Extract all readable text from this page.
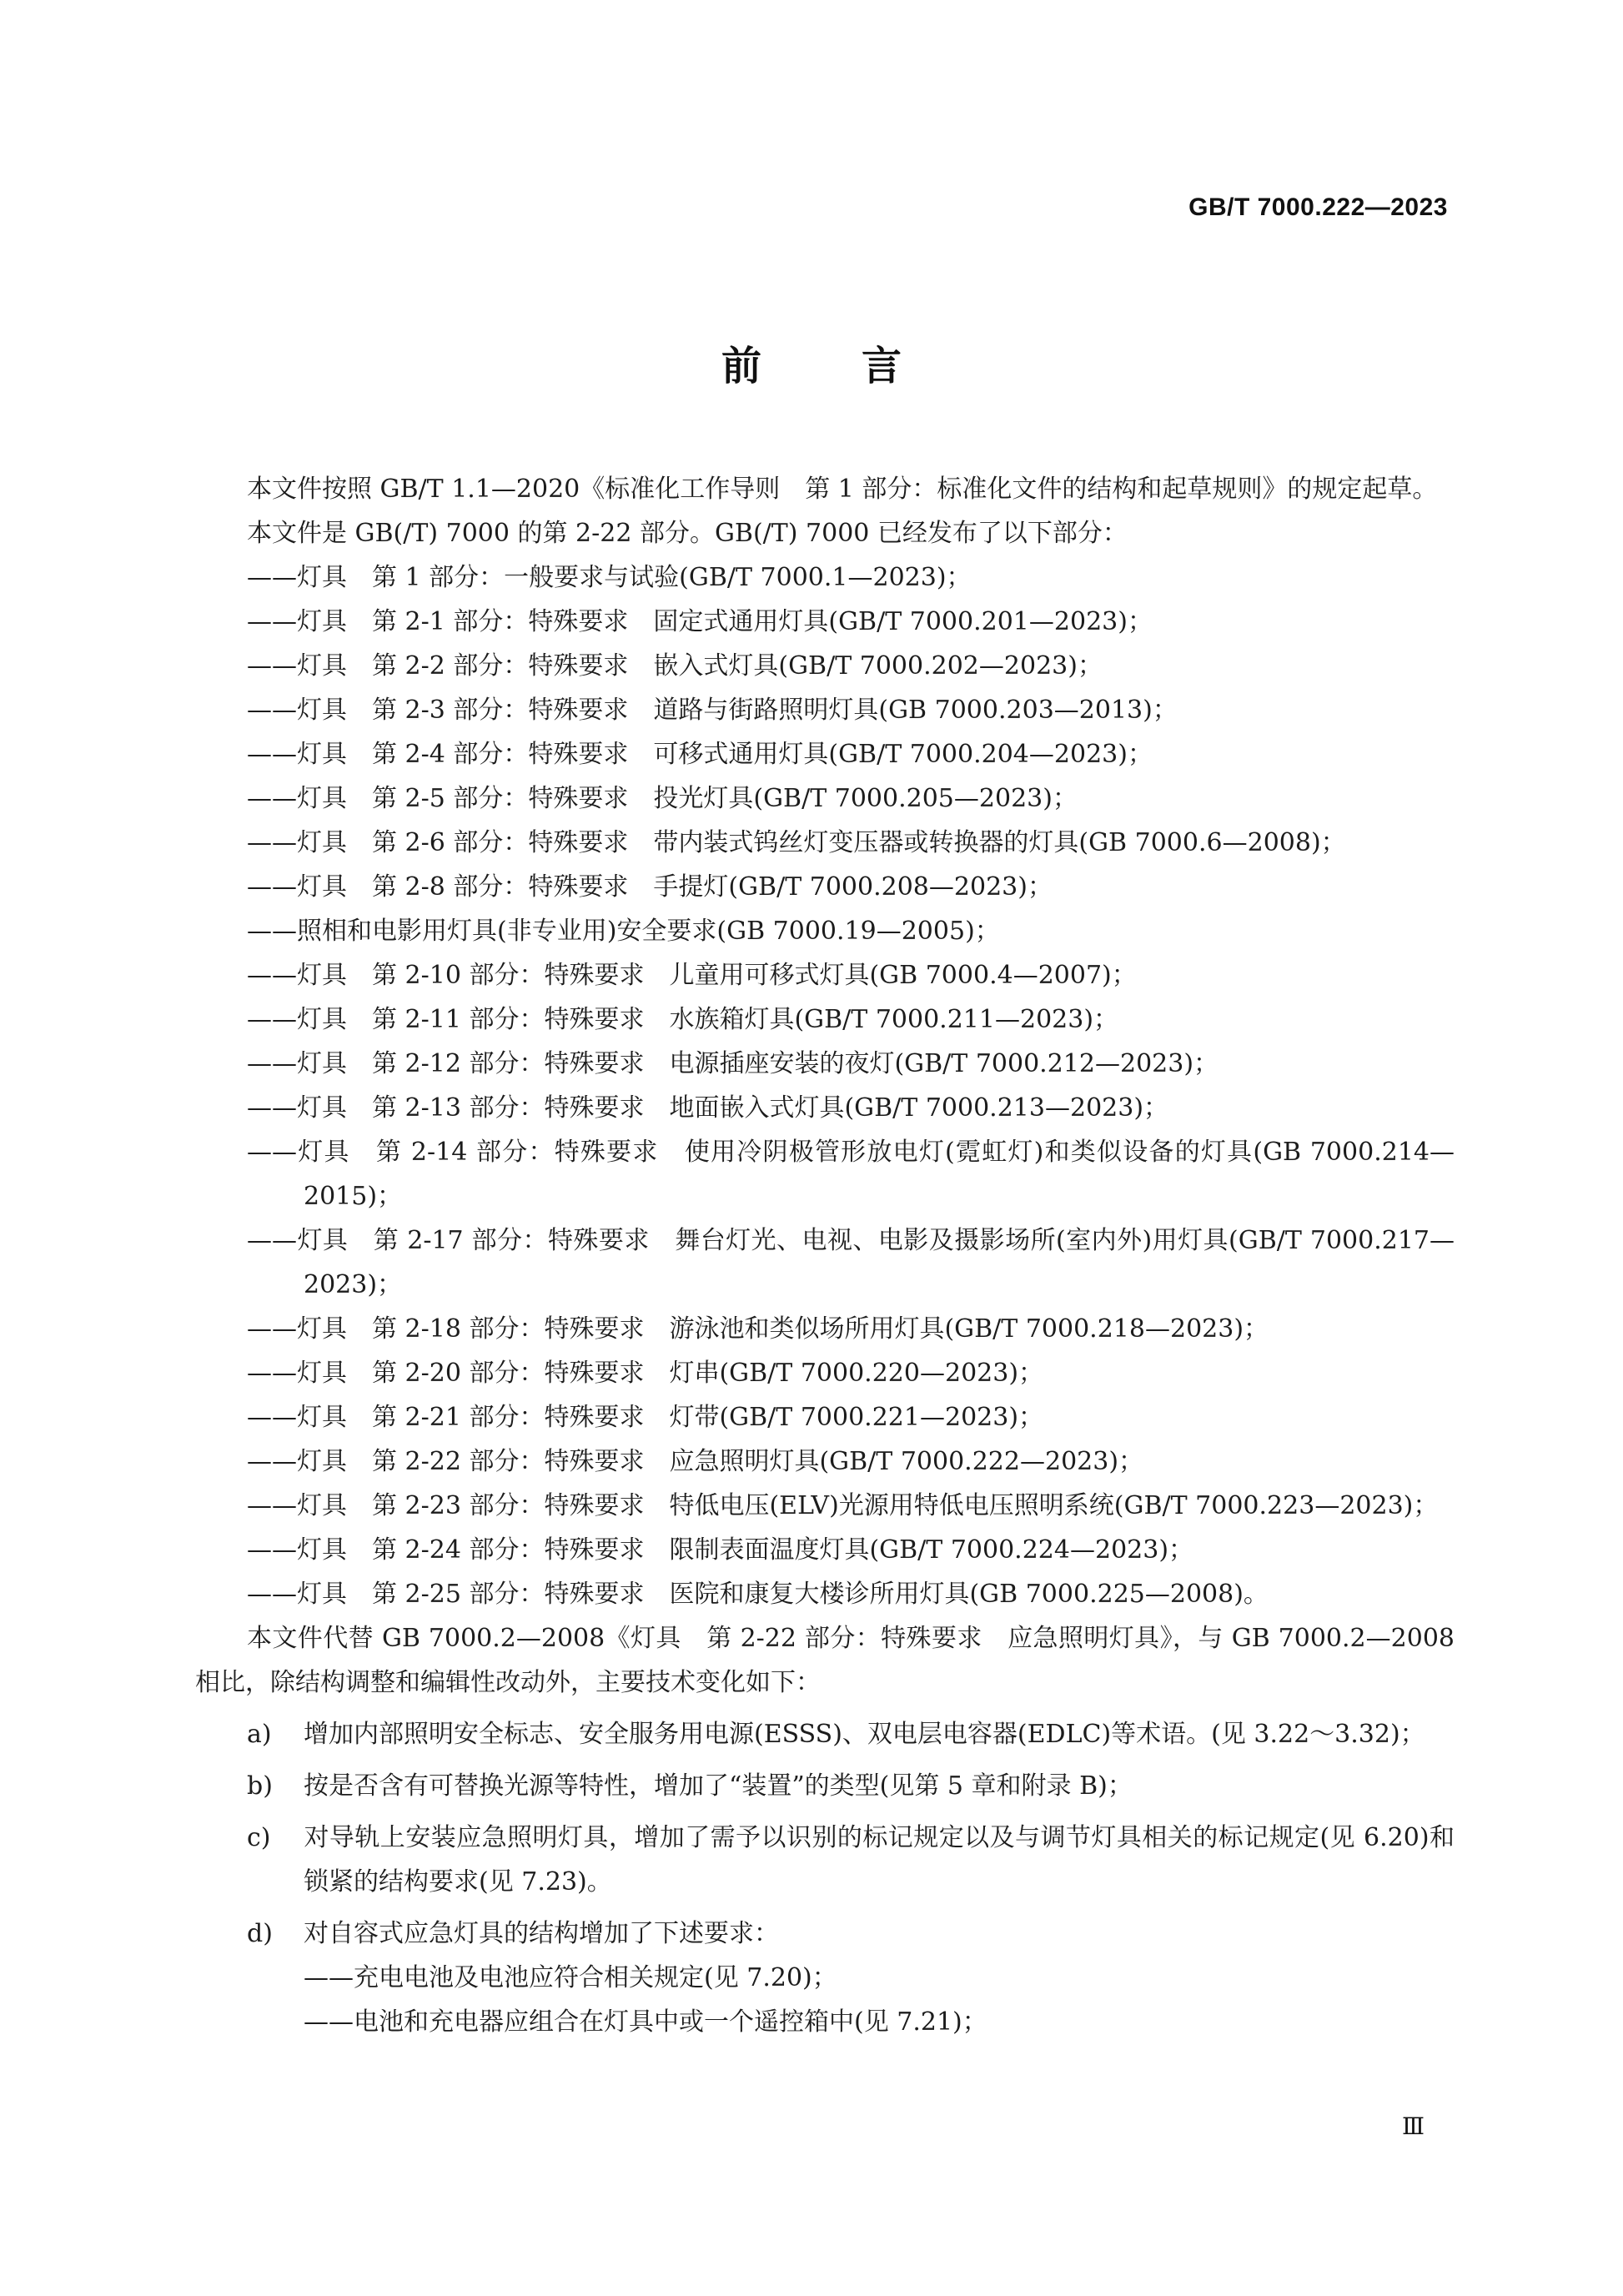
GB/T 7000.222—2023
前	言
本文件按照 GB/T 1.1—2020《标准化工作导则　第 1 部分：标准化文件的结构和起草规则》的规定起草。
本文件是 GB(/T) 7000 的第 2-22 部分。GB(/T) 7000 已经发布了以下部分：
——灯具　第 1 部分：一般要求与试验(GB/T 7000.1—2023)；
——灯具　第 2-1 部分：特殊要求　固定式通用灯具(GB/T 7000.201—2023)；
——灯具　第 2-2 部分：特殊要求　嵌入式灯具(GB/T 7000.202—2023)；
——灯具　第 2-3 部分：特殊要求　道路与街路照明灯具(GB 7000.203—2013)；
——灯具　第 2-4 部分：特殊要求　可移式通用灯具(GB/T 7000.204—2023)；
——灯具　第 2-5 部分：特殊要求　投光灯具(GB/T 7000.205—2023)；
——灯具　第 2-6 部分：特殊要求　带内装式钨丝灯变压器或转换器的灯具(GB 7000.6—2008)；
——灯具　第 2-8 部分：特殊要求　手提灯(GB/T 7000.208—2023)；
——照相和电影用灯具(非专业用)安全要求(GB 7000.19—2005)；
——灯具　第 2-10 部分：特殊要求　儿童用可移式灯具(GB 7000.4—2007)；
——灯具　第 2-11 部分：特殊要求　水族箱灯具(GB/T 7000.211—2023)；
——灯具　第 2-12 部分：特殊要求　电源插座安装的夜灯(GB/T 7000.212—2023)；
——灯具　第 2-13 部分：特殊要求　地面嵌入式灯具(GB/T 7000.213—2023)；
——灯具　第 2-14 部分：特殊要求　使用冷阴极管形放电灯(霓虹灯)和类似设备的灯具(GB 7000.214—2015)；
——灯具　第 2-17 部分：特殊要求　舞台灯光、电视、电影及摄影场所(室内外)用灯具(GB/T 7000.217—2023)；
——灯具　第 2-18 部分：特殊要求　游泳池和类似场所用灯具(GB/T 7000.218—2023)；
——灯具　第 2-20 部分：特殊要求　灯串(GB/T 7000.220—2023)；
——灯具　第 2-21 部分：特殊要求　灯带(GB/T 7000.221—2023)；
——灯具　第 2-22 部分：特殊要求　应急照明灯具(GB/T 7000.222—2023)；
——灯具　第 2-23 部分：特殊要求　特低电压(ELV)光源用特低电压照明系统(GB/T 7000.223—2023)；
——灯具　第 2-24 部分：特殊要求　限制表面温度灯具(GB/T 7000.224—2023)；
——灯具　第 2-25 部分：特殊要求　医院和康复大楼诊所用灯具(GB 7000.225—2008)。
本文件代替 GB 7000.2—2008《灯具　第 2-22 部分：特殊要求　应急照明灯具》，与 GB 7000.2—2008 相比，除结构调整和编辑性改动外，主要技术变化如下：
a) 增加内部照明安全标志、安全服务用电源(ESSS)、双电层电容器(EDLC)等术语。(见 3.22～3.32)；
b) 按是否含有可替换光源等特性，增加了“装置”的类型(见第 5 章和附录 B)；
c) 对导轨上安装应急照明灯具，增加了需予以识别的标记规定以及与调节灯具相关的标记规定(见 6.20)和锁紧的结构要求(见 7.23)。
d) 对自容式应急灯具的结构增加了下述要求：
——充电电池及电池应符合相关规定(见 7.20)；
——电池和充电器应组合在灯具中或一个遥控箱中(见 7.21)；
Ⅲ
